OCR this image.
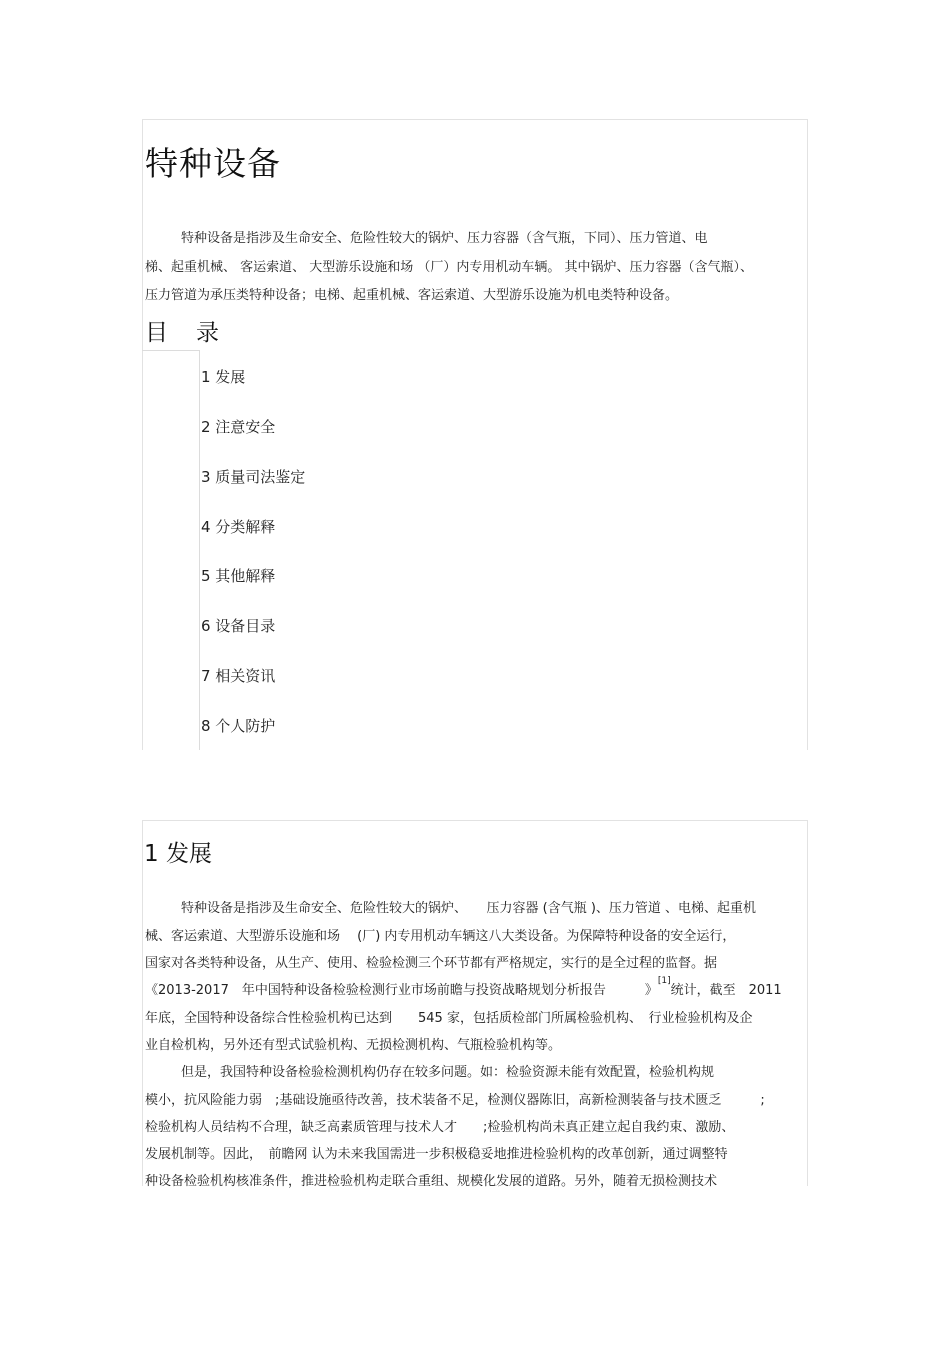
特种设备
特种设备是指涉及生命安全、危险性较大的锅炉、压力容器（含气瓶，下同）、压力管道、电
梯、起重机械、 客运索道、 大型游乐设施和场 （厂）内专用机动车辆。 其中锅炉、压力容器（含气瓶）、
压力管道为承压类特种设备；电梯、起重机械、客运索道、大型游乐设施为机电类特种设备。
目 录
1 发展
2 注意安全
3 质量司法鉴定
4 分类解释
5 其他解释
6 设备目录
7 相关资讯
8 个人防护
1 发展
特种设备是指涉及生命安全、危险性较大的锅炉、　　压力容器 (含气瓶 )、压力管道 、电梯、起重机
械、客运索道、大型游乐设施和场　 (厂) 内专用机动车辆这八大类设备。为保障特种设备的安全运行，
国家对各类特种设备，从生产、使用、检验检测三个环节都有严格规定，实行的是全过程的监督。据
《2013-2017　年中国特种设备检验检测行业市场前瞻与投资战略规划分析报告　　　》[1]统计，截至　2011
年底，全国特种设备综合性检验机构已达到　　545 家，包括质检部门所属检验机构、　行业检验机构及企
业自检机构，另外还有型式试验机构、无损检测机构、气瓶检验机构等。
但是，我国特种设备检验检测机构仍存在较多问题。如：检验资源未能有效配置，检验机构规
模小，抗风险能力弱　;基础设施亟待改善，技术装备不足，检测仪器陈旧，高新检测装备与技术匮乏　　　;
检验机构人员结构不合理，缺乏高素质管理与技术人才　　;检验机构尚未真正建立起自我约束、激励、
发展机制等。因此，　前瞻网 认为未来我国需进一步积极稳妥地推进检验机构的改革创新，通过调整特
种设备检验机构核准条件，推进检验机构走联合重组、规模化发展的道路。另外，随着无损检测技术
